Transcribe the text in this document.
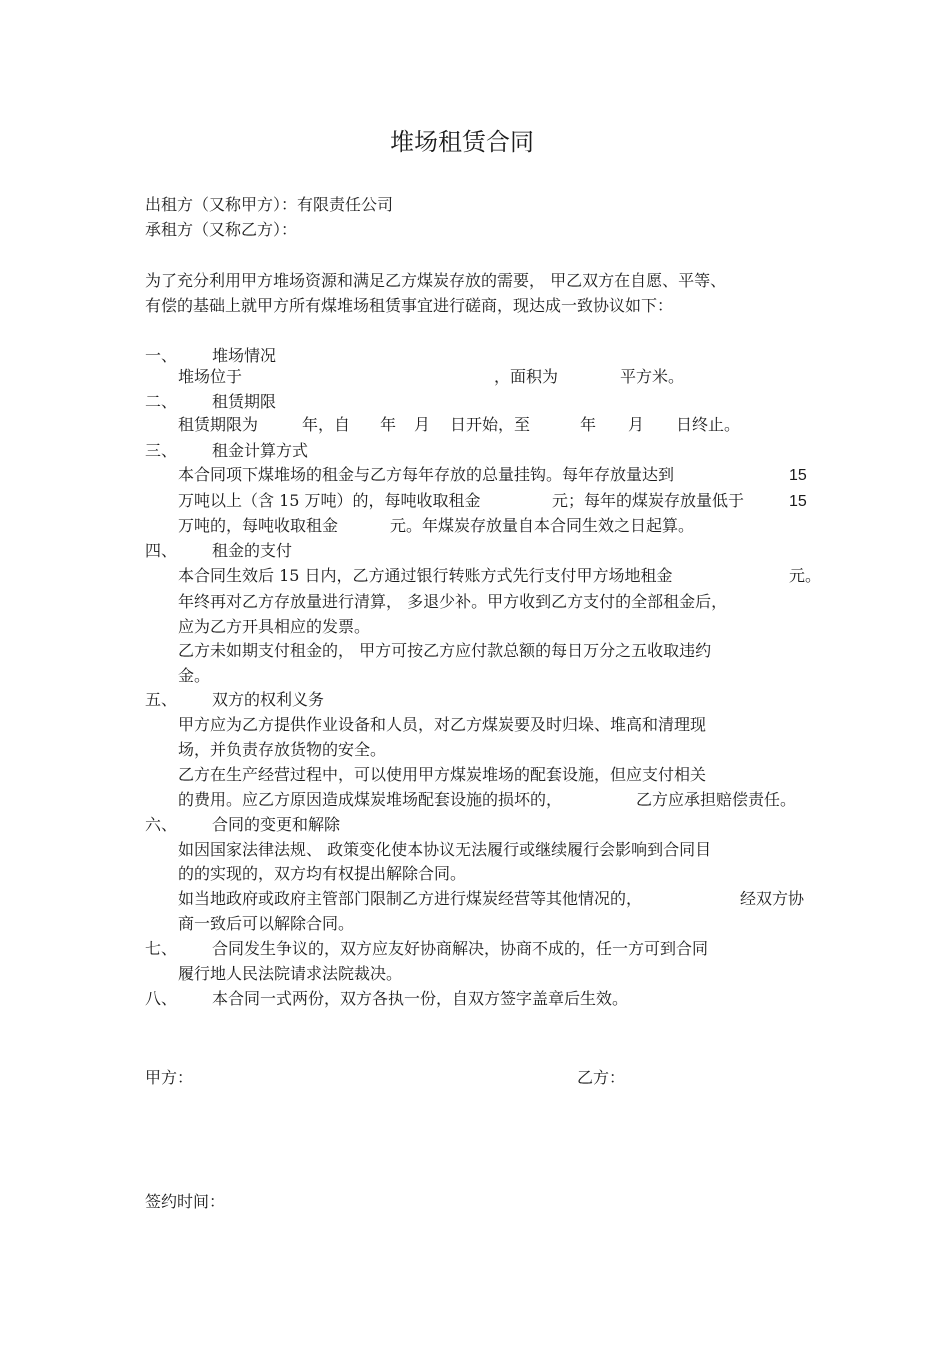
堆场租赁合同
出租方（又称甲方）：有限责任公司
承租方（又称乙方）：
为了充分利用甲方堆场资源和满足乙方煤炭存放的需要， 甲乙双方在自愿、平等、
有偿的基础上就甲方所有煤堆场租赁事宜进行磋商，现达成一致协议如下：
一、 堆场情况
堆场位于	，面积为	平方米。
二、 租赁期限
租赁期限为	年，自 年 月 日开始，至	年 月 日终止。
三、 租金计算方式
本合同项下煤堆场的租金与乙方每年存放的总量挂钩。每年存放量达到	15
万吨以上（含 15 万吨）的，每吨收取租金	元；每年的煤炭存放量低于	15
万吨的，每吨收取租金	元。年煤炭存放量自本合同生效之日起算。
四、 租金的支付
本合同生效后 15 日内，乙方通过银行转账方式先行支付甲方场地租金	元。
年终再对乙方存放量进行清算， 多退少补。甲方收到乙方支付的全部租金后，
应为乙方开具相应的发票。
乙方未如期支付租金的， 甲方可按乙方应付款总额的每日万分之五收取违约
金。
五、 双方的权利义务
甲方应为乙方提供作业设备和人员，对乙方煤炭要及时归垛、堆高和清理现
场，并负责存放货物的安全。
乙方在生产经营过程中，可以使用甲方煤炭堆场的配套设施，但应支付相关
的费用。应乙方原因造成煤炭堆场配套设施的损坏的，	乙方应承担赔偿责任。
六、 合同的变更和解除
如因国家法律法规、 政策变化使本协议无法履行或继续履行会影响到合同目
的的实现的，双方均有权提出解除合同。
如当地政府或政府主管部门限制乙方进行煤炭经营等其他情况的，	经双方协
商一致后可以解除合同。
七、 合同发生争议的，双方应友好协商解决，协商不成的，任一方可到合同
履行地人民法院请求法院裁决。
八、 本合同一式两份，双方各执一份，自双方签字盖章后生效。
甲方：	乙方：
签约时间：
